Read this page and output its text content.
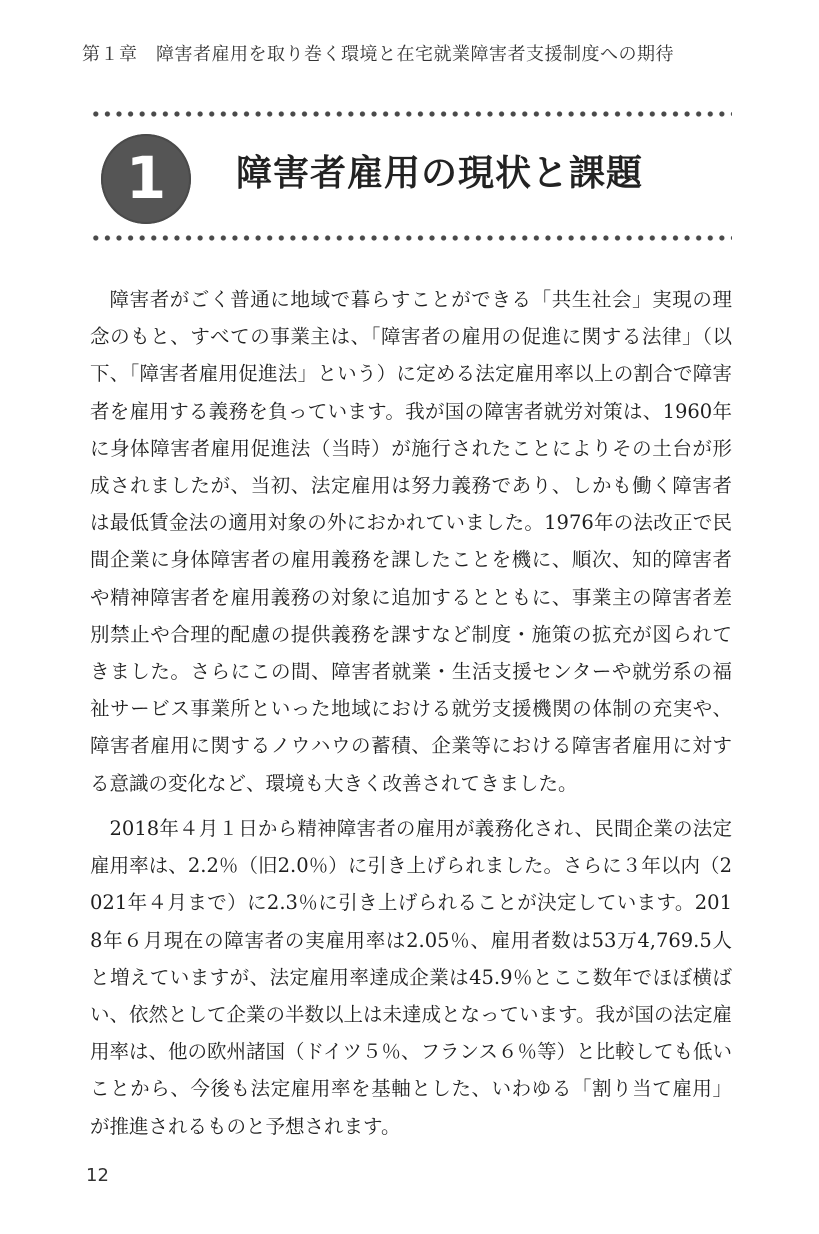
第１章　障害者雇用を取り巻く環境と在宅就業障害者支援制度への期待
1 障害者雇用の現状と課題

障害者がごく普通に地域で暮らすことができる「共生社会」実現の理念のもと、すべての事業主は、「障害者の雇用の促進に関する法律」（以下、「障害者雇用促進法」という）に定める法定雇用率以上の割合で障害者を雇用する義務を負っています。我が国の障害者就労対策は、1960年に身体障害者雇用促進法（当時）が施行されたことによりその土台が形成されましたが、当初、法定雇用は努力義務であり、しかも働く障害者は最低賃金法の適用対象の外におかれていました。1976年の法改正で民間企業に身体障害者の雇用義務を課したことを機に、順次、知的障害者や精神障害者を雇用義務の対象に追加するとともに、事業主の障害者差別禁止や合理的配慮の提供義務を課すなど制度・施策の拡充が図られてきました。さらにこの間、障害者就業・生活支援センターや就労系の福祉サービス事業所といった地域における就労支援機関の体制の充実や、障害者雇用に関するノウハウの蓄積、企業等における障害者雇用に対する意識の変化など、環境も大きく改善されてきました。

2018年４月１日から精神障害者の雇用が義務化され、民間企業の法定雇用率は、2.2％（旧2.0％）に引き上げられました。さらに３年以内（2021年４月まで）に2.3％に引き上げられることが決定しています。2018年６月現在の障害者の実雇用率は2.05％、雇用者数は53万4,769.5人と増えていますが、法定雇用率達成企業は45.9％とここ数年でほぼ横ばい、依然として企業の半数以上は未達成となっています。我が国の法定雇用率は、他の欧州諸国（ドイツ５％、フランス６％等）と比較しても低いことから、今後も法定雇用率を基軸とした、いわゆる「割り当て雇用」が推進されるものと予想されます。

12
